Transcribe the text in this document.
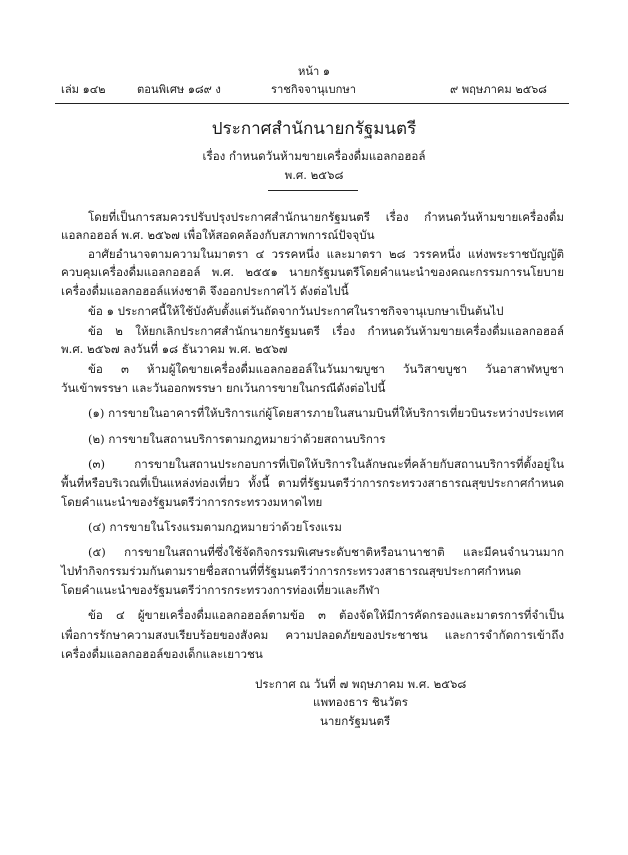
หน้า ๑
เล่ม ๑๔๒	ตอนพิเศษ ๑๘๙ ง	ราชกิจจานุเบกษา	๙ พฤษภาคม ๒๕๖๘
ประกาศสำนักนายกรัฐมนตรี
เรื่อง กำหนดวันห้ามขายเครื่องดื่มแอลกอฮอล์
พ.ศ. ๒๕๖๘
โดยที่เป็นการสมควรปรับปรุงประกาศสำนักนายกรัฐมนตรี เรื่อง กำหนดวันห้ามขายเครื่องดื่ม
แอลกอฮอล์ พ.ศ. ๒๕๖๗ เพื่อให้สอดคล้องกับสภาพการณ์ปัจจุบัน
อาศัยอำนาจตามความในมาตรา ๔ วรรคหนึ่ง และมาตรา ๒๘ วรรคหนึ่ง แห่งพระราชบัญญัติ
ควบคุมเครื่องดื่มแอลกอฮอล์ พ.ศ. ๒๕๕๑ นายกรัฐมนตรีโดยคำแนะนำของคณะกรรมการนโยบาย
เครื่องดื่มแอลกอฮอล์แห่งชาติ จึงออกประกาศไว้ ดังต่อไปนี้
ข้อ ๑ ประกาศนี้ให้ใช้บังคับตั้งแต่วันถัดจากวันประกาศในราชกิจจานุเบกษาเป็นต้นไป
ข้อ ๒ ให้ยกเลิกประกาศสำนักนายกรัฐมนตรี เรื่อง กำหนดวันห้ามขายเครื่องดื่มแอลกอฮอล์
พ.ศ. ๒๕๖๗ ลงวันที่ ๑๘ ธันวาคม พ.ศ. ๒๕๖๗
ข้อ ๓ ห้ามผู้ใดขายเครื่องดื่มแอลกอฮอล์ในวันมาฆบูชา วันวิสาขบูชา วันอาสาฬหบูชา
วันเข้าพรรษา และวันออกพรรษา ยกเว้นการขายในกรณีดังต่อไปนี้
(๑) การขายในอาคารที่ให้บริการแก่ผู้โดยสารภายในสนามบินที่ให้บริการเที่ยวบินระหว่างประเทศ
(๒) การขายในสถานบริการตามกฎหมายว่าด้วยสถานบริการ
(๓) การขายในสถานประกอบการที่เปิดให้บริการในลักษณะที่คล้ายกับสถานบริการที่ตั้งอยู่ใน
พื้นที่หรือบริเวณที่เป็นแหล่งท่องเที่ยว ทั้งนี้ ตามที่รัฐมนตรีว่าการกระทรวงสาธารณสุขประกาศกำหนด
โดยคำแนะนำของรัฐมนตรีว่าการกระทรวงมหาดไทย
(๔) การขายในโรงแรมตามกฎหมายว่าด้วยโรงแรม
(๕) การขายในสถานที่ซึ่งใช้จัดกิจกรรมพิเศษระดับชาติหรือนานาชาติ และมีคนจำนวนมาก
ไปทำกิจกรรมร่วมกันตามรายชื่อสถานที่ที่รัฐมนตรีว่าการกระทรวงสาธารณสุขประกาศกำหนด
โดยคำแนะนำของรัฐมนตรีว่าการกระทรวงการท่องเที่ยวและกีฬา
ข้อ ๔ ผู้ขายเครื่องดื่มแอลกอฮอล์ตามข้อ ๓ ต้องจัดให้มีการคัดกรองและมาตรการที่จำเป็น
เพื่อการรักษาความสงบเรียบร้อยของสังคม ความปลอดภัยของประชาชน และการจำกัดการเข้าถึง
เครื่องดื่มแอลกอฮอล์ของเด็กและเยาวชน
ประกาศ ณ วันที่ ๗ พฤษภาคม พ.ศ. ๒๕๖๘
แพทองธาร ชินวัตร
นายกรัฐมนตรี
